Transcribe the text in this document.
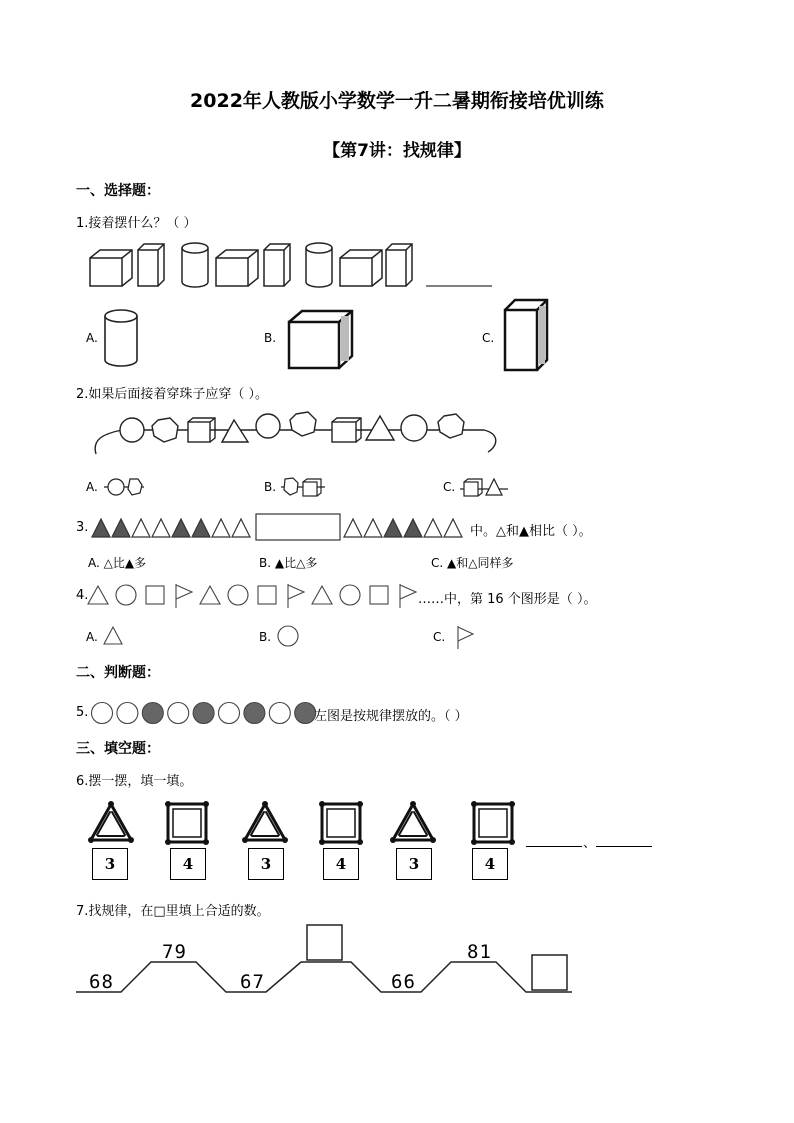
2022年人教版小学数学一升二暑期衔接培优训练
【第7讲：找规律】
一、选择题：
1.接着摆什么？（ ）
A.	B.	C.
2.如果后面接着穿珠子应穿（ ）。
A.	B.	C.
3.	中。△和▲相比（ ）。
A. △比▲多	B. ▲比△多	C. ▲和△同样多
4.	……中，第 16 个图形是（ ）。
A.	B.	C.
二、判断题：
5.	左图是按规律摆放的。（ ）
三、填空题：
6.摆一摆，填一填。
、
3	4	3	4	3	4
7.找规律，在□里填上合适的数。
68
79
67	66
81
